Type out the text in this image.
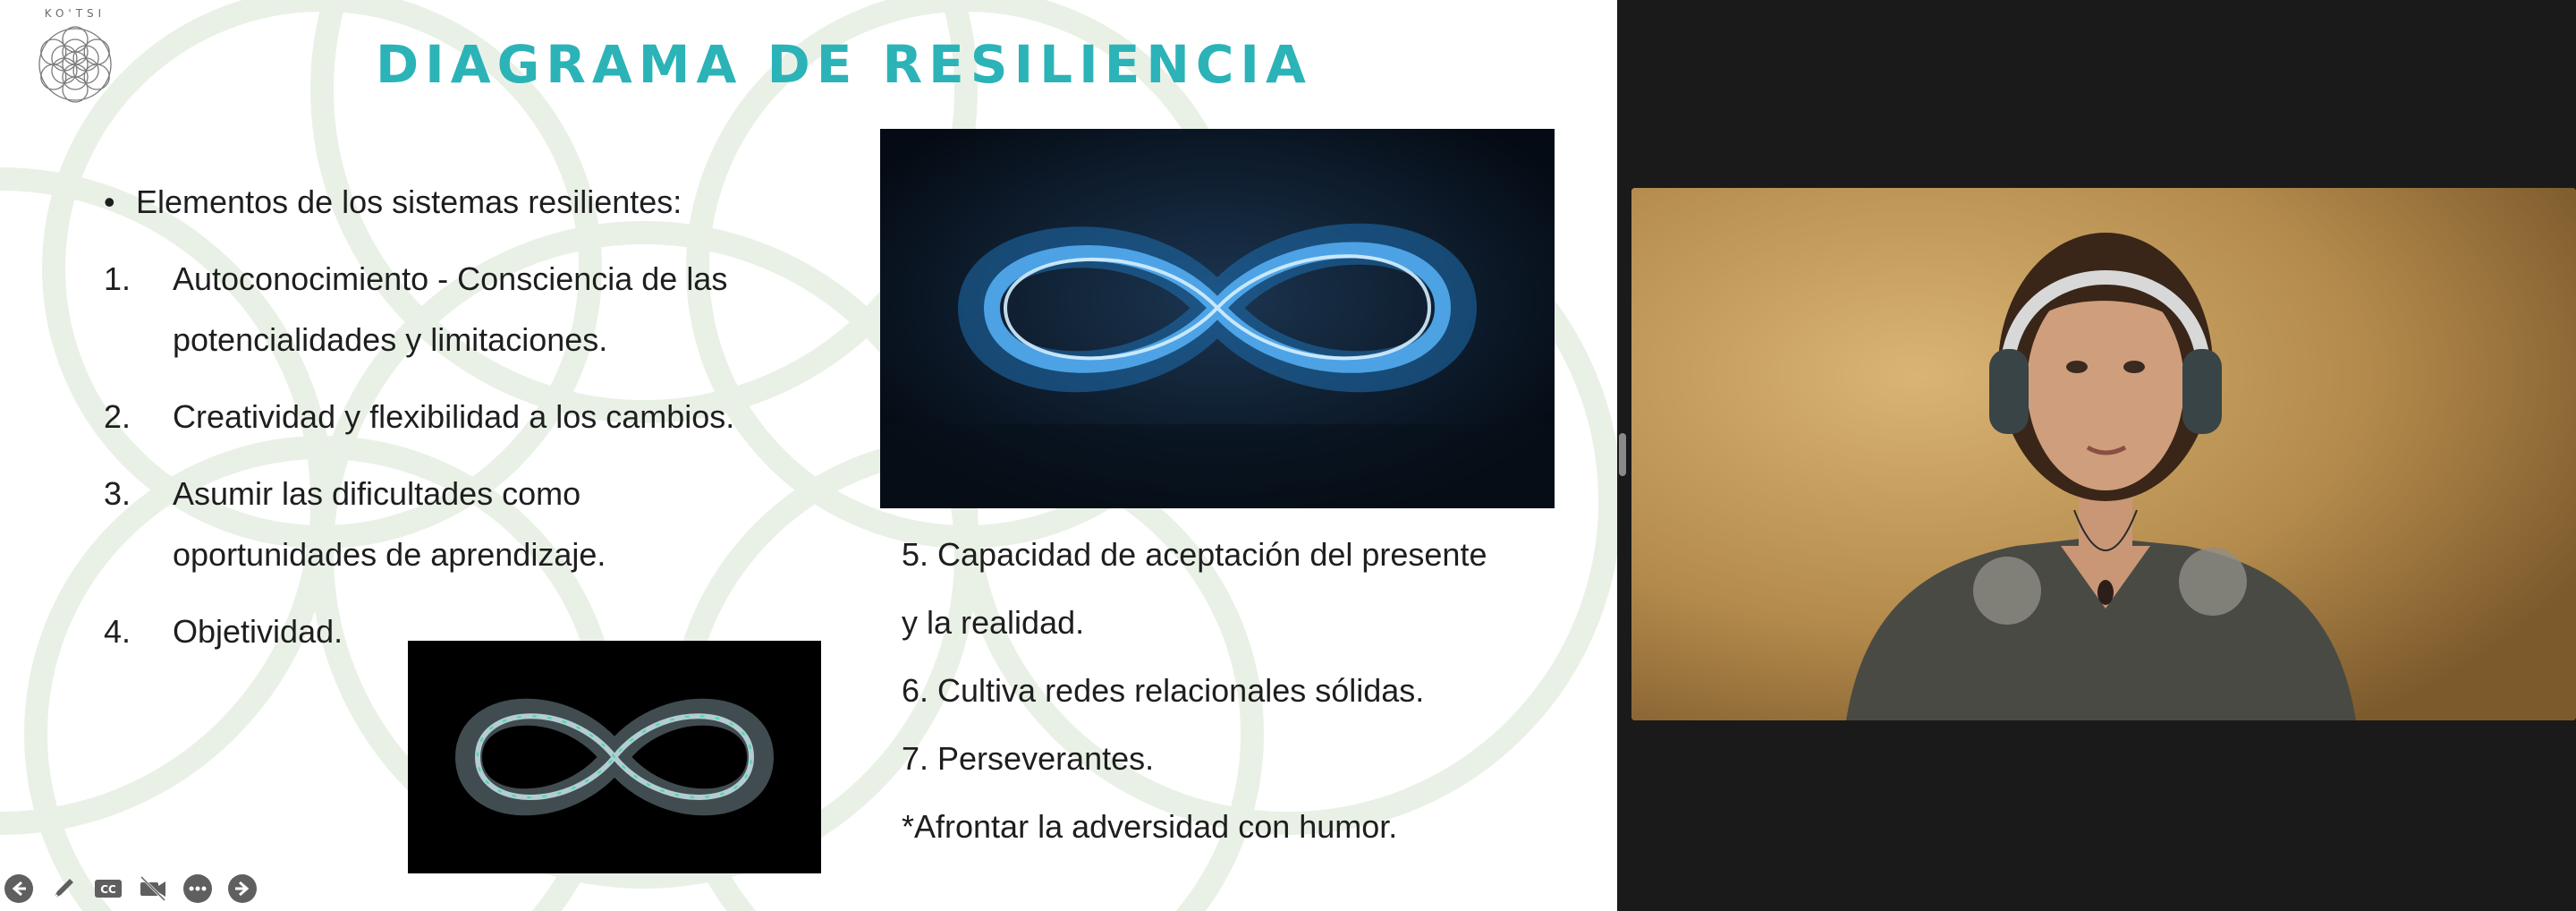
KO'TSI
DIAGRAMA DE RESILIENCIA
• Elementos de los sistemas resilientes:
1. Autoconocimiento - Consciencia de las
potencialidades y limitaciones.
2. Creatividad y flexibilidad a los cambios.
3. Asumir las dificultades como
oportunidades de aprendizaje.
4. Objetividad.
5. Capacidad de aceptación del presente
y la realidad.
6. Cultiva redes relacionales sólidas.
7. Perseverantes.
*Afrontar la adversidad con humor.
CC
